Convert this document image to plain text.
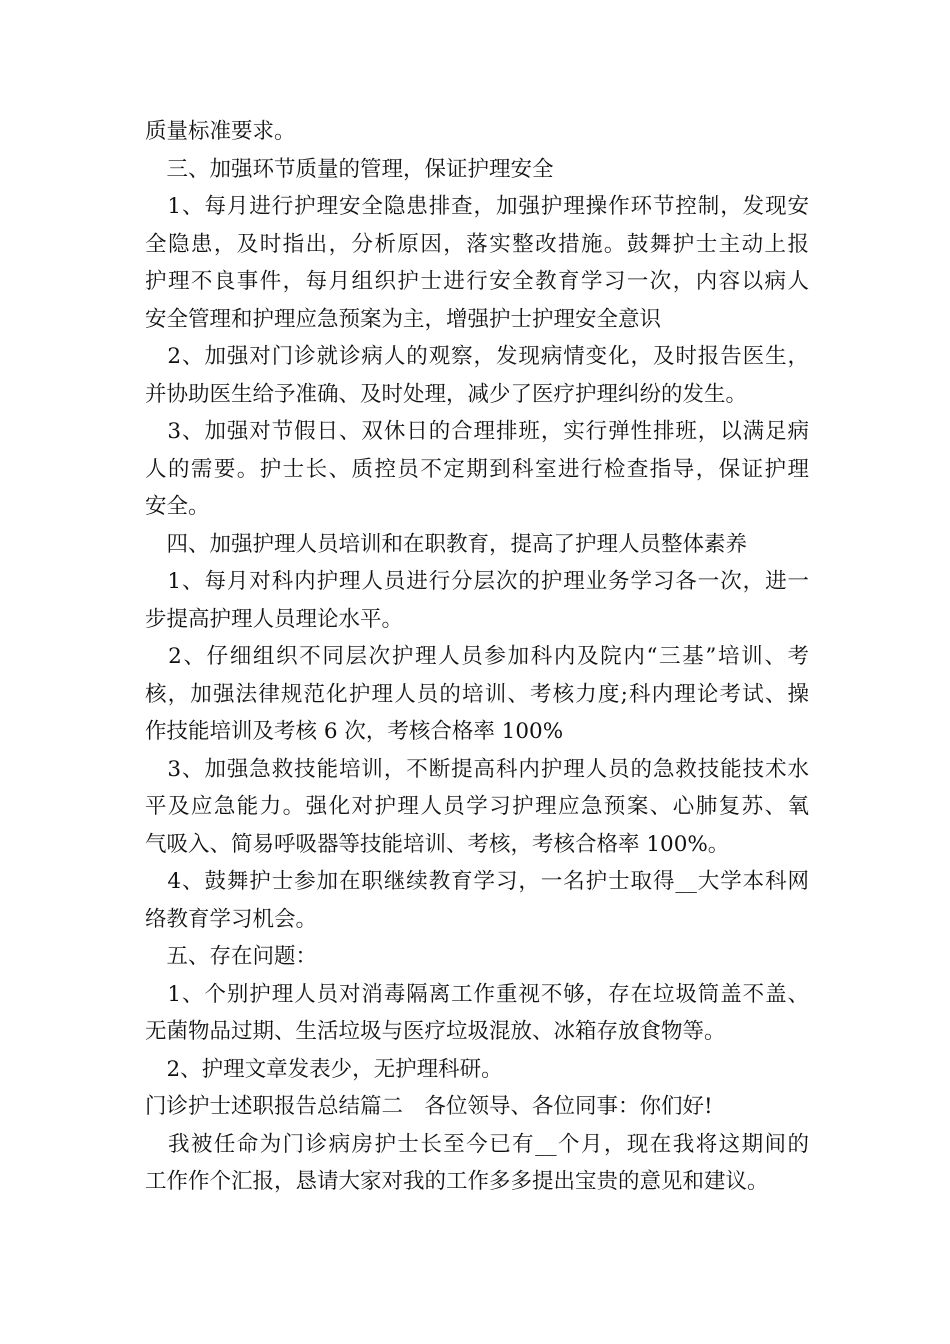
质量标准要求。
　三、加强环节质量的管理，保证护理安全
　1、每月进行护理安全隐患排查，加强护理操作环节控制，发现安
全隐患，及时指出，分析原因，落实整改措施。鼓舞护士主动上报
护理不良事件，每月组织护士进行安全教育学习一次，内容以病人
安全管理和护理应急预案为主，增强护士护理安全意识
　2、加强对门诊就诊病人的观察，发现病情变化，及时报告医生，
并协助医生给予准确、及时处理，减少了医疗护理纠纷的发生。
　3、加强对节假日、双休日的合理排班，实行弹性排班，以满足病
人的需要。护士长、质控员不定期到科室进行检查指导，保证护理
安全。
　四、加强护理人员培训和在职教育，提高了护理人员整体素养
　1、每月对科内护理人员进行分层次的护理业务学习各一次，进一
步提高护理人员理论水平。
　2、仔细组织不同层次护理人员参加科内及院内“三基”培训、考
核，加强法律规范化护理人员的培训、考核力度;科内理论考试、操
作技能培训及考核 6 次，考核合格率 100%
　3、加强急救技能培训，不断提高科内护理人员的急救技能技术水
平及应急能力。强化对护理人员学习护理应急预案、心肺复苏、氧
气吸入、简易呼吸器等技能培训、考核，考核合格率 100%。
　4、鼓舞护士参加在职继续教育学习，一名护士取得__大学本科网
络教育学习机会。
　五、存在问题：
　1、个别护理人员对消毒隔离工作重视不够，存在垃圾筒盖不盖、
无菌物品过期、生活垃圾与医疗垃圾混放、冰箱存放食物等。
　2、护理文章发表少，无护理科研。
门诊护士述职报告总结篇二　各位领导、各位同事：你们好!
　我被任命为门诊病房护士长至今已有__个月，现在我将这期间的
工作作个汇报，恳请大家对我的工作多多提出宝贵的意见和建议。
